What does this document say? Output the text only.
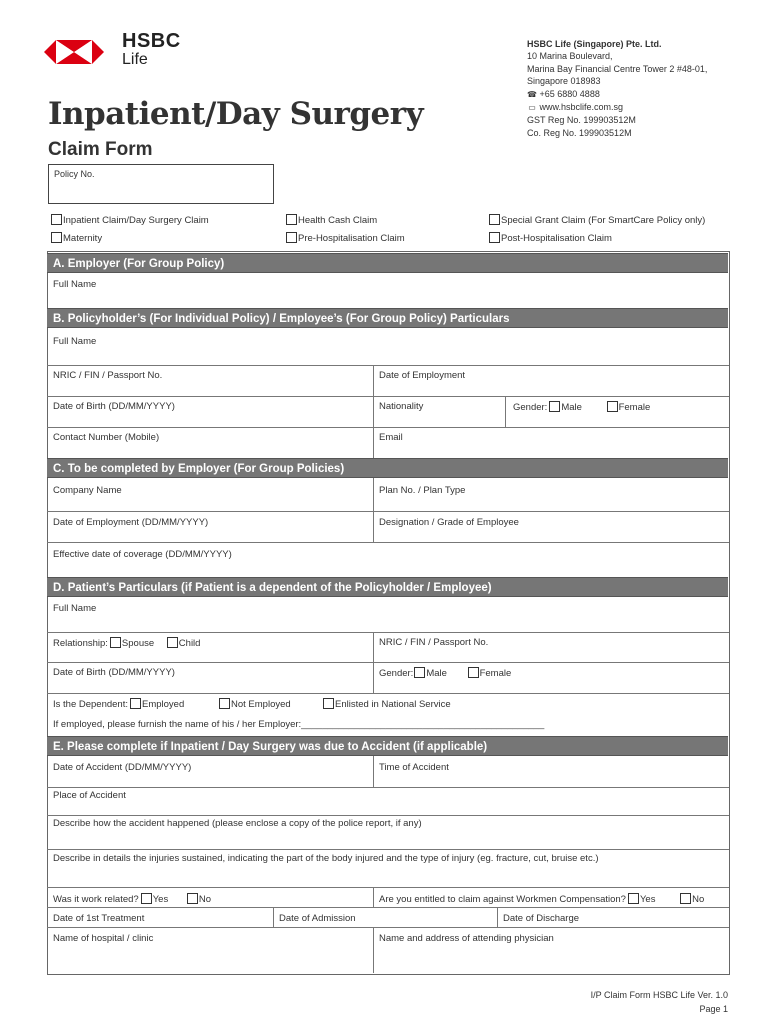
HSBC
Life
Inpatient/Day Surgery
Claim Form
HSBC Life (Singapore) Pte. Ltd.
10 Marina Boulevard,
Marina Bay Financial Centre Tower 2 #48-01,
Singapore 018983
☎ +65 6880 4888
▭ www.hsbclife.com.sg
GST Reg No. 199903512M
Co. Reg No. 199903512M
Policy No.
Inpatient Claim/Day Surgery Claim	Health Cash Claim	Special Grant Claim (For SmartCare Policy only)
Maternity	Pre-Hospitalisation Claim	Post-Hospitalisation Claim
A. Employer (For Group Policy)
Full Name
B. Policyholder’s (For Individual Policy) / Employee’s (For Group Policy) Particulars
Full Name
NRIC / FIN / Passport No.	Date of Employment
Date of Birth (DD/MM/YYYY)	Nationality	Gender: Male	Female
Contact Number (Mobile)	Email
C. To be completed by Employer (For Group Policies)
Company Name	Plan No. / Plan Type
Date of Employment (DD/MM/YYYY)	Designation / Grade of Employee
Effective date of coverage (DD/MM/YYYY)
D. Patient’s Particulars (if Patient is a dependent of the Policyholder / Employee)
Full Name
Relationship: Spouse	Child	NRIC / FIN / Passport No.
Date of Birth (DD/MM/YYYY)	Gender: Male	Female
Is the Dependent: Employed	Not Employed	Enlisted in National Service
If employed, please furnish the name of his / her Employer:______________________________________________
E. Please complete if Inpatient / Day Surgery was due to Accident (if applicable)
Date of Accident (DD/MM/YYYY)	Time of Accident
Place of Accident
Describe how the accident happened (please enclose a copy of the police report, if any)
Describe in details the injuries sustained, indicating the part of the body injured and the type of injury (eg. fracture, cut, bruise etc.)
Was it work related? Yes	No	Are you entitled to claim against Workmen Compensation? Yes	No
Date of 1st Treatment	Date of Admission	Date of Discharge
Name of hospital / clinic	Name and address of attending physician
I/P Claim Form HSBC Life Ver. 1.0
Page 1
